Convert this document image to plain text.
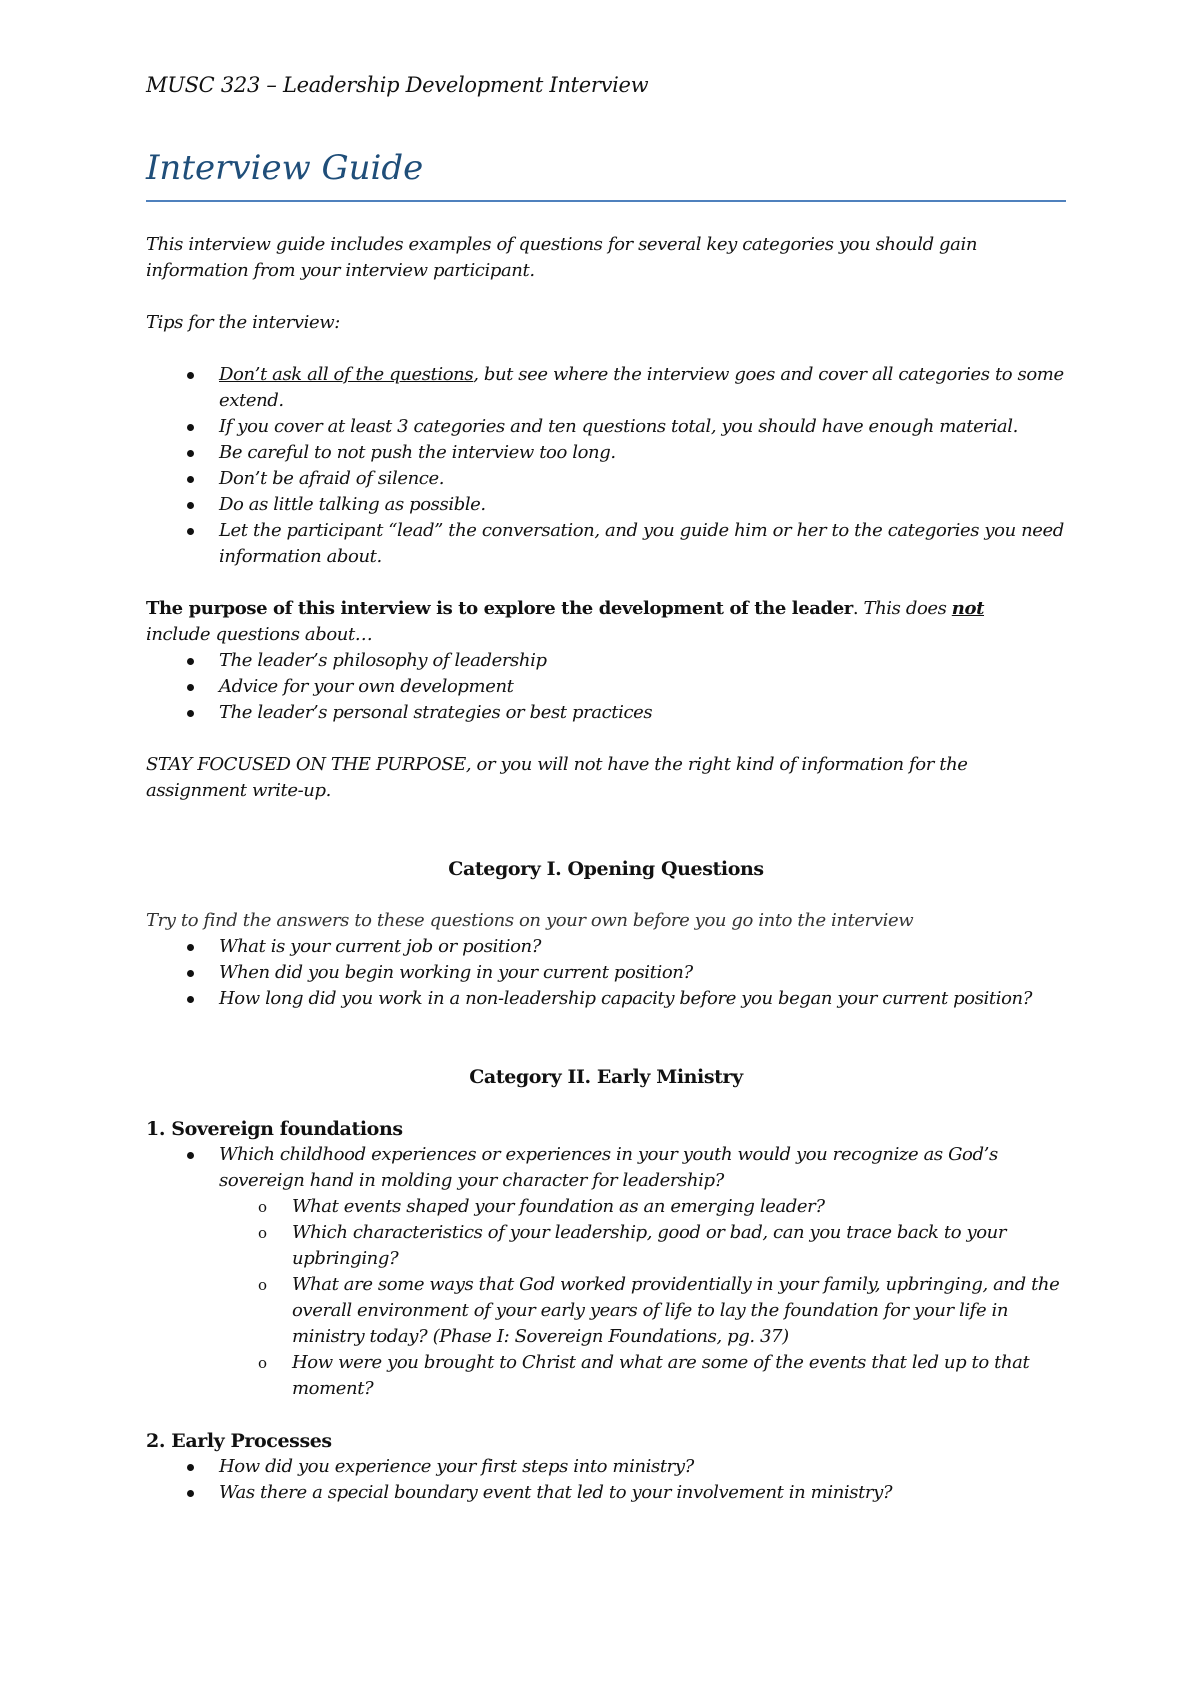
MUSC 323 – Leadership Development Interview
Interview Guide

This interview guide includes examples of questions for several key categories you should gain information from your interview participant.

Tips for the interview:

Don’t ask all of the questions, but see where the interview goes and cover all categories to some extend.
If you cover at least 3 categories and ten questions total, you should have enough material.
Be careful to not push the interview too long.
Don’t be afraid of silence.
Do as little talking as possible.
Let the participant “lead” the conversation, and you guide him or her to the categories you need information about.

The purpose of this interview is to explore the development of the leader. This does not
include questions about…

The leader’s philosophy of leadership
Advice for your own development
The leader’s personal strategies or best practices

STAY FOCUSED ON THE PURPOSE, or you will not have the right kind of information for the assignment write-up.

Category I. Opening Questions

Try to find the answers to these questions on your own before you go into the interview

What is your current job or position?
When did you begin working in your current position?
How long did you work in a non-leadership capacity before you began your current position?
Category II. Early Ministry
1. Sovereign foundations
Which childhood experiences or experiences in your youth would you recognize as God’s sovereign hand in molding your character for leadership?
o What events shaped your foundation as an emerging leader?
o Which characteristics of your leadership, good or bad, can you trace back to your upbringing?
o What are some ways that God worked providentially in your family, upbringing, and the overall environment of your early years of life to lay the foundation for your life in ministry today? (Phase I: Sovereign Foundations, pg. 37)
o How were you brought to Christ and what are some of the events that led up to that moment?
2. Early Processes
How did you experience your first steps into ministry?
Was there a special boundary event that led to your involvement in ministry?
